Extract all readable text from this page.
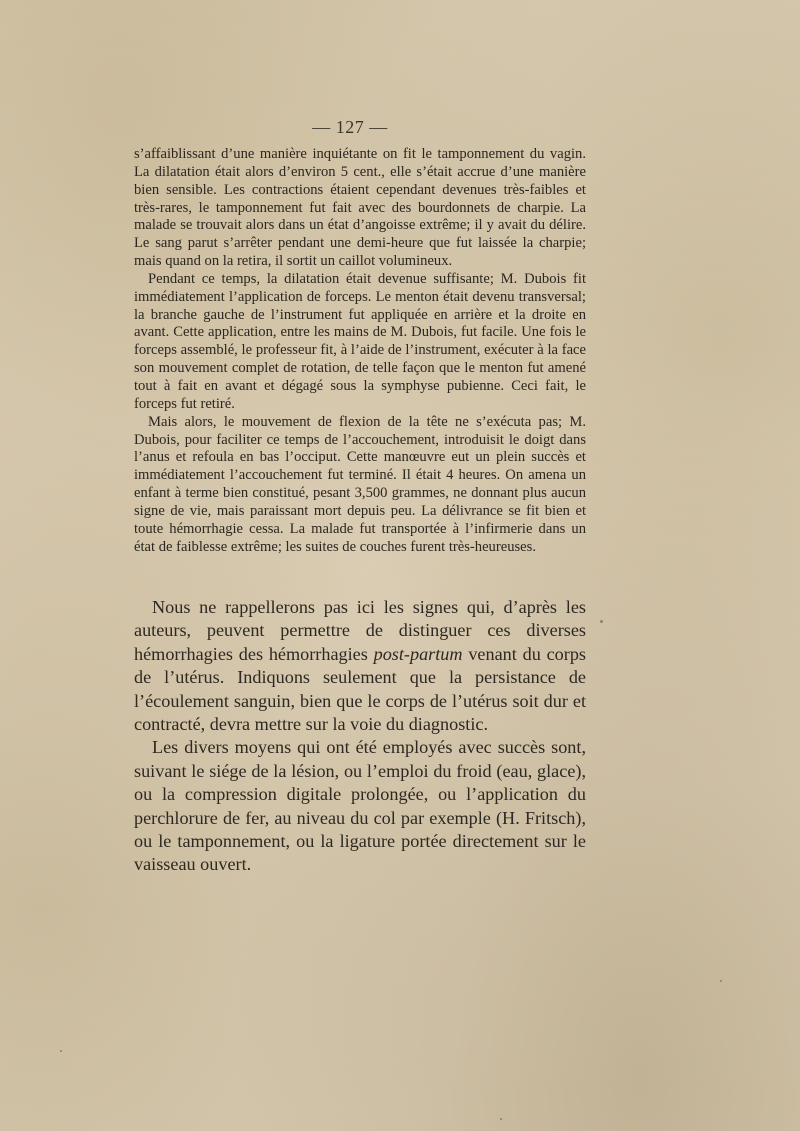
— 127 —

s’affaiblissant d’une manière inquiétante on fit le tamponnement du vagin. La dilatation était alors d’environ 5 cent., elle s’était accrue d’une manière bien sensible. Les contractions étaient cependant devenues très-faibles et très-rares, le tamponnement fut fait avec des bourdonnets de charpie. La malade se trouvait alors dans un état d’angoisse extrême; il y avait du délire. Le sang parut s’arrêter pendant une demi-heure que fut laissée la charpie; mais quand on la retira, il sortit un caillot volumineux.

Pendant ce temps, la dilatation était devenue suffisante; M. Dubois fit immédiatement l’application de forceps. Le menton était devenu transversal; la branche gauche de l’instrument fut appliquée en arrière et la droite en avant. Cette application, entre les mains de M. Dubois, fut facile. Une fois le forceps assemblé, le professeur fit, à l’aide de l’instrument, exécuter à la face son mouvement complet de rotation, de telle façon que le menton fut amené tout à fait en avant et dégagé sous la symphyse pubienne. Ceci fait, le forceps fut retiré.

Mais alors, le mouvement de flexion de la tête ne s’exécuta pas; M. Dubois, pour faciliter ce temps de l’accouchement, introduisit le doigt dans l’anus et refoula en bas l’occiput. Cette manœuvre eut un plein succès et immédiatement l’accouchement fut terminé. Il était 4 heures. On amena un enfant à terme bien constitué, pesant 3,500 grammes, ne donnant plus aucun signe de vie, mais paraissant mort depuis peu. La délivrance se fit bien et toute hémorrhagie cessa. La malade fut transportée à l’infirmerie dans un état de faiblesse extrême; les suites de couches furent très-heureuses.

Nous ne rappellerons pas ici les signes qui, d’après les auteurs, peuvent permettre de distinguer ces diverses hémorrhagies des hémorrhagies post-partum venant du corps de l’utérus. Indiquons seulement que la persistance de l’écoulement sanguin, bien que le corps de l’utérus soit dur et contracté, devra mettre sur la voie du diagnostic.

Les divers moyens qui ont été employés avec succès sont, suivant le siége de la lésion, ou l’emploi du froid (eau, glace), ou la compression digitale prolongée, ou l’application du perchlorure de fer, au niveau du col par exemple (H. Fritsch), ou le tamponnement, ou la ligature portée directement sur le vaisseau ouvert.
